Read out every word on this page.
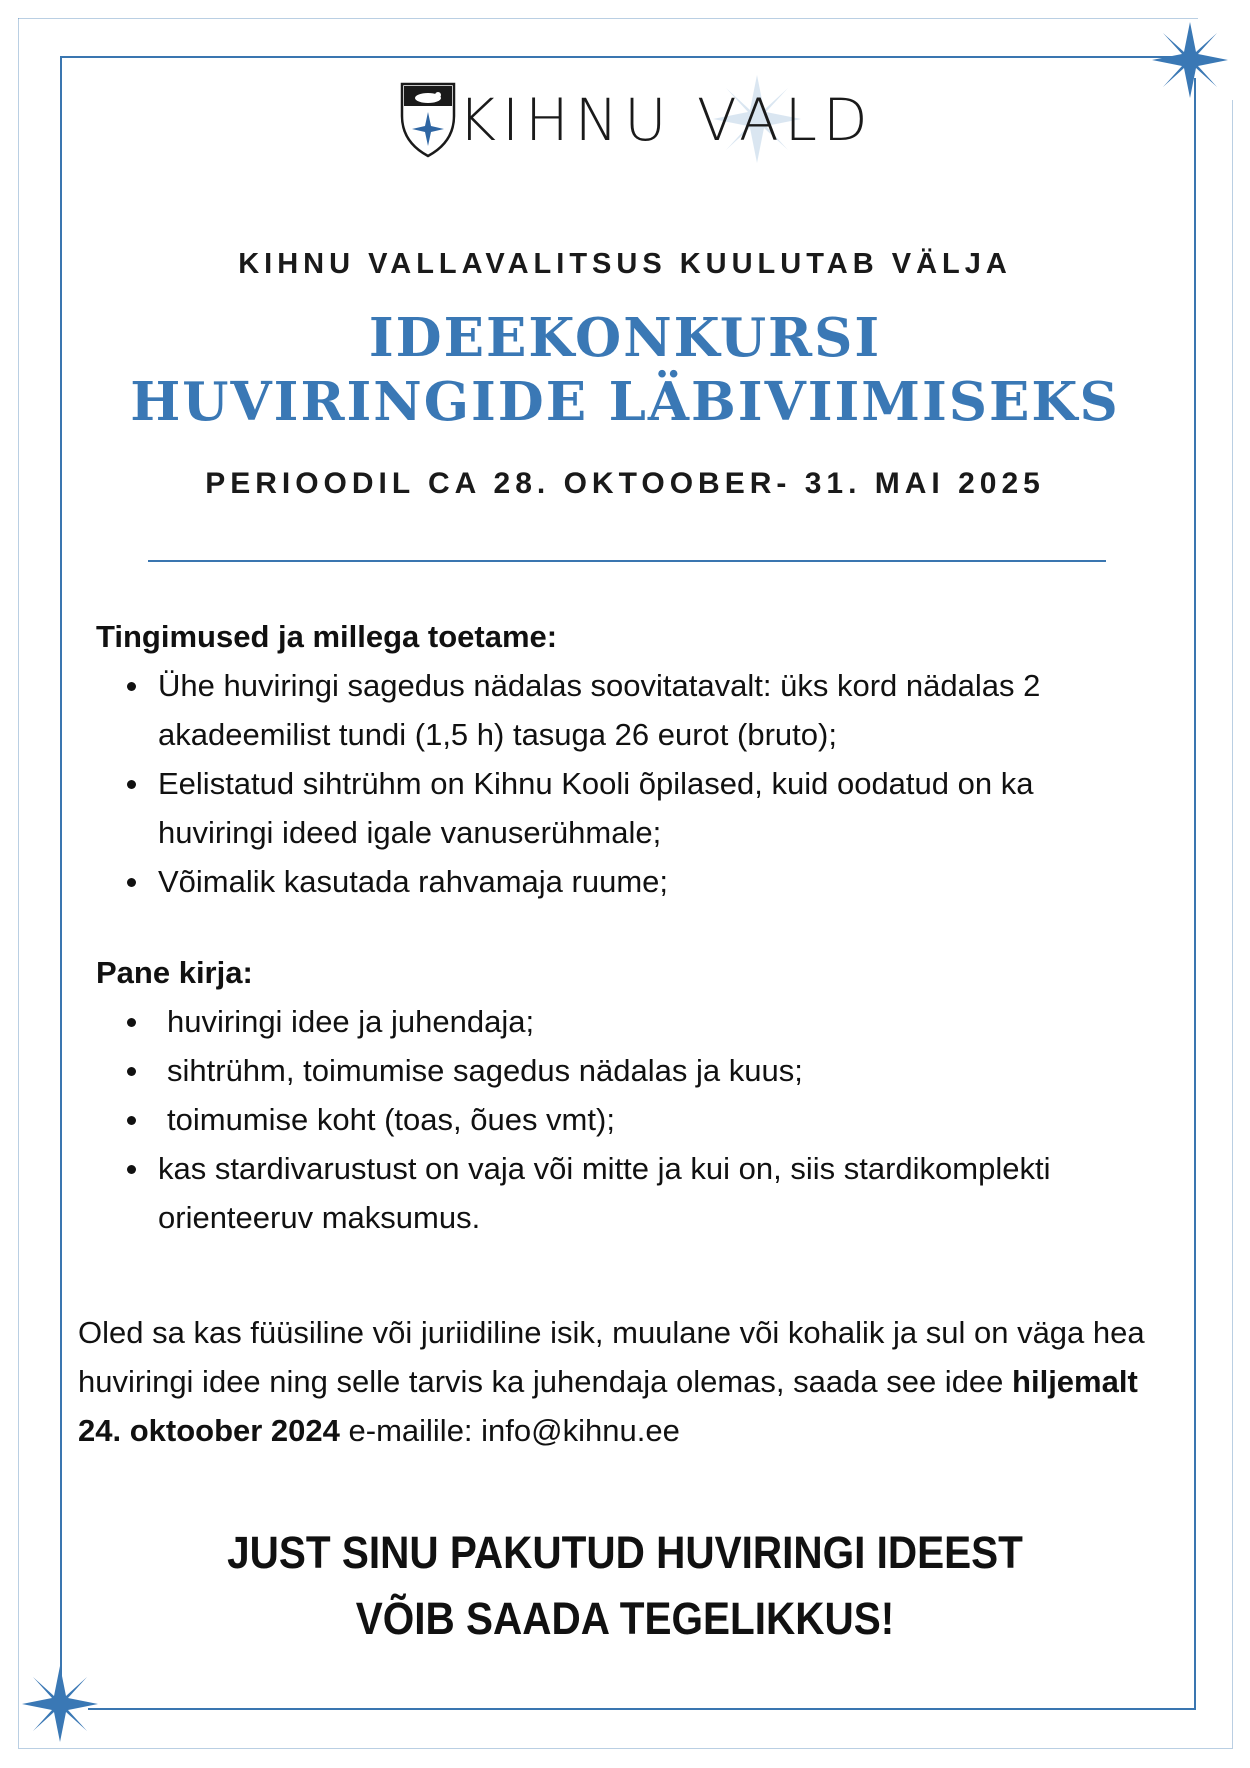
KIHNU VALD
KIHNU VALLAVALITSUS KUULUTAB VÄLJA
IDEEKONKURSI
HUVIRINGIDE LÄBIVIIMISEKS
PERIOODIL CA 28. OKTOOBER- 31. MAI 2025

Tingimused ja millega toetame:

Ühe huviringi sagedus nädalas soovitatavalt: üks kord nädalas 2 akadeemilist tundi (1,5 h) tasuga 26 eurot (bruto);
Eelistatud sihtrühm on Kihnu Kooli õpilased, kuid oodatud on ka huviringi ideed igale vanuserühmale;
Võimalik kasutada rahvamaja ruume;

Pane kirja:

huviringi idee ja juhendaja;
sihtrühm, toimumise sagedus nädalas ja kuus;
toimumise koht (toas, õues vmt);
kas stardivarustust on vaja või mitte ja kui on, siis stardikomplekti orienteeruv maksumus.
Oled sa kas füüsiline või juriidiline isik, muulane või kohalik ja sul on väga hea huviringi idee ning selle tarvis ka juhendaja olemas, saada see idee hiljemalt 24. oktoober 2024 e-mailile: info@kihnu.ee
JUST SINU PAKUTUD HUVIRINGI IDEEST
VÕIB SAADA TEGELIKKUS!
